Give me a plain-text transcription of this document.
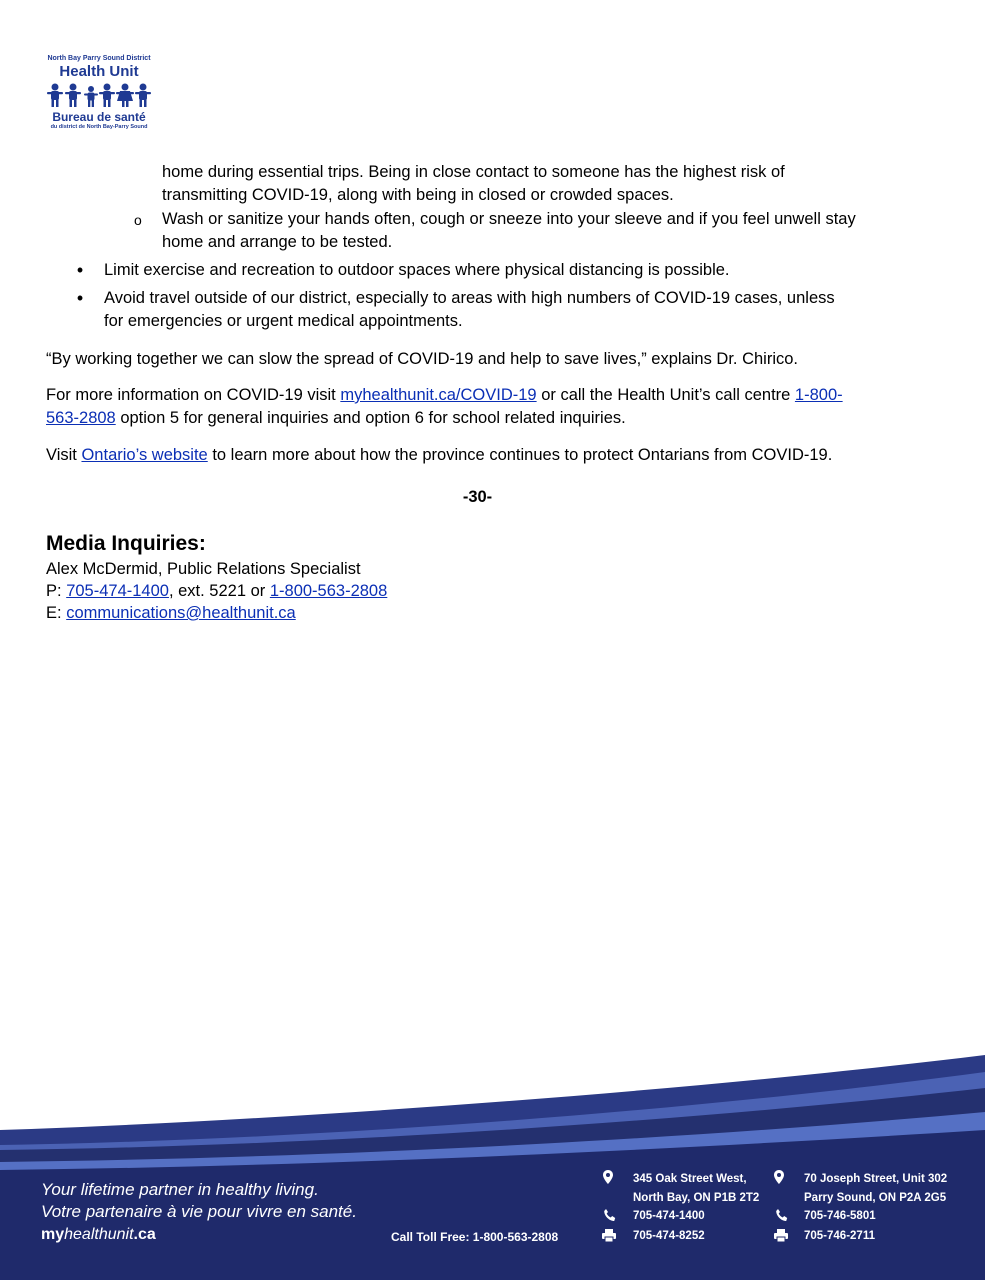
North Bay Parry Sound District
Health Unit
Bureau de santé
du district de North Bay-Parry Sound
home during essential trips. Being in close contact to someone has the highest risk of
transmitting COVID-19, along with being in closed or crowded spaces.
o Wash or sanitize your hands often, cough or sneeze into your sleeve and if you feel unwell stay
home and arrange to be tested.
• Limit exercise and recreation to outdoor spaces where physical distancing is possible.
• Avoid travel outside of our district, especially to areas with high numbers of COVID-19 cases, unless
for emergencies or urgent medical appointments.
“By working together we can slow the spread of COVID-19 and help to save lives,” explains Dr. Chirico.
For more information on COVID-19 visit myhealthunit.ca/COVID-19 or call the Health Unit’s call centre 1-800-
563-2808 option 5 for general inquiries and option 6 for school related inquiries.
Visit Ontario’s website to learn more about how the province continues to protect Ontarians from COVID-19.
-30-
Media Inquiries:
Alex McDermid, Public Relations Specialist
P: 705-474-1400, ext. 5221 or 1-800-563-2808
E: communications@healthunit.ca
Your lifetime partner in healthy living.
Votre partenaire à vie pour vivre en santé.
myhealthunit.ca	Call Toll Free: 1-800-563-2808
345 Oak Street West,
North Bay, ON P1B 2T2
705-474-1400
705-474-8252
70 Joseph Street, Unit 302
Parry Sound, ON P2A 2G5
705-746-5801
705-746-2711
